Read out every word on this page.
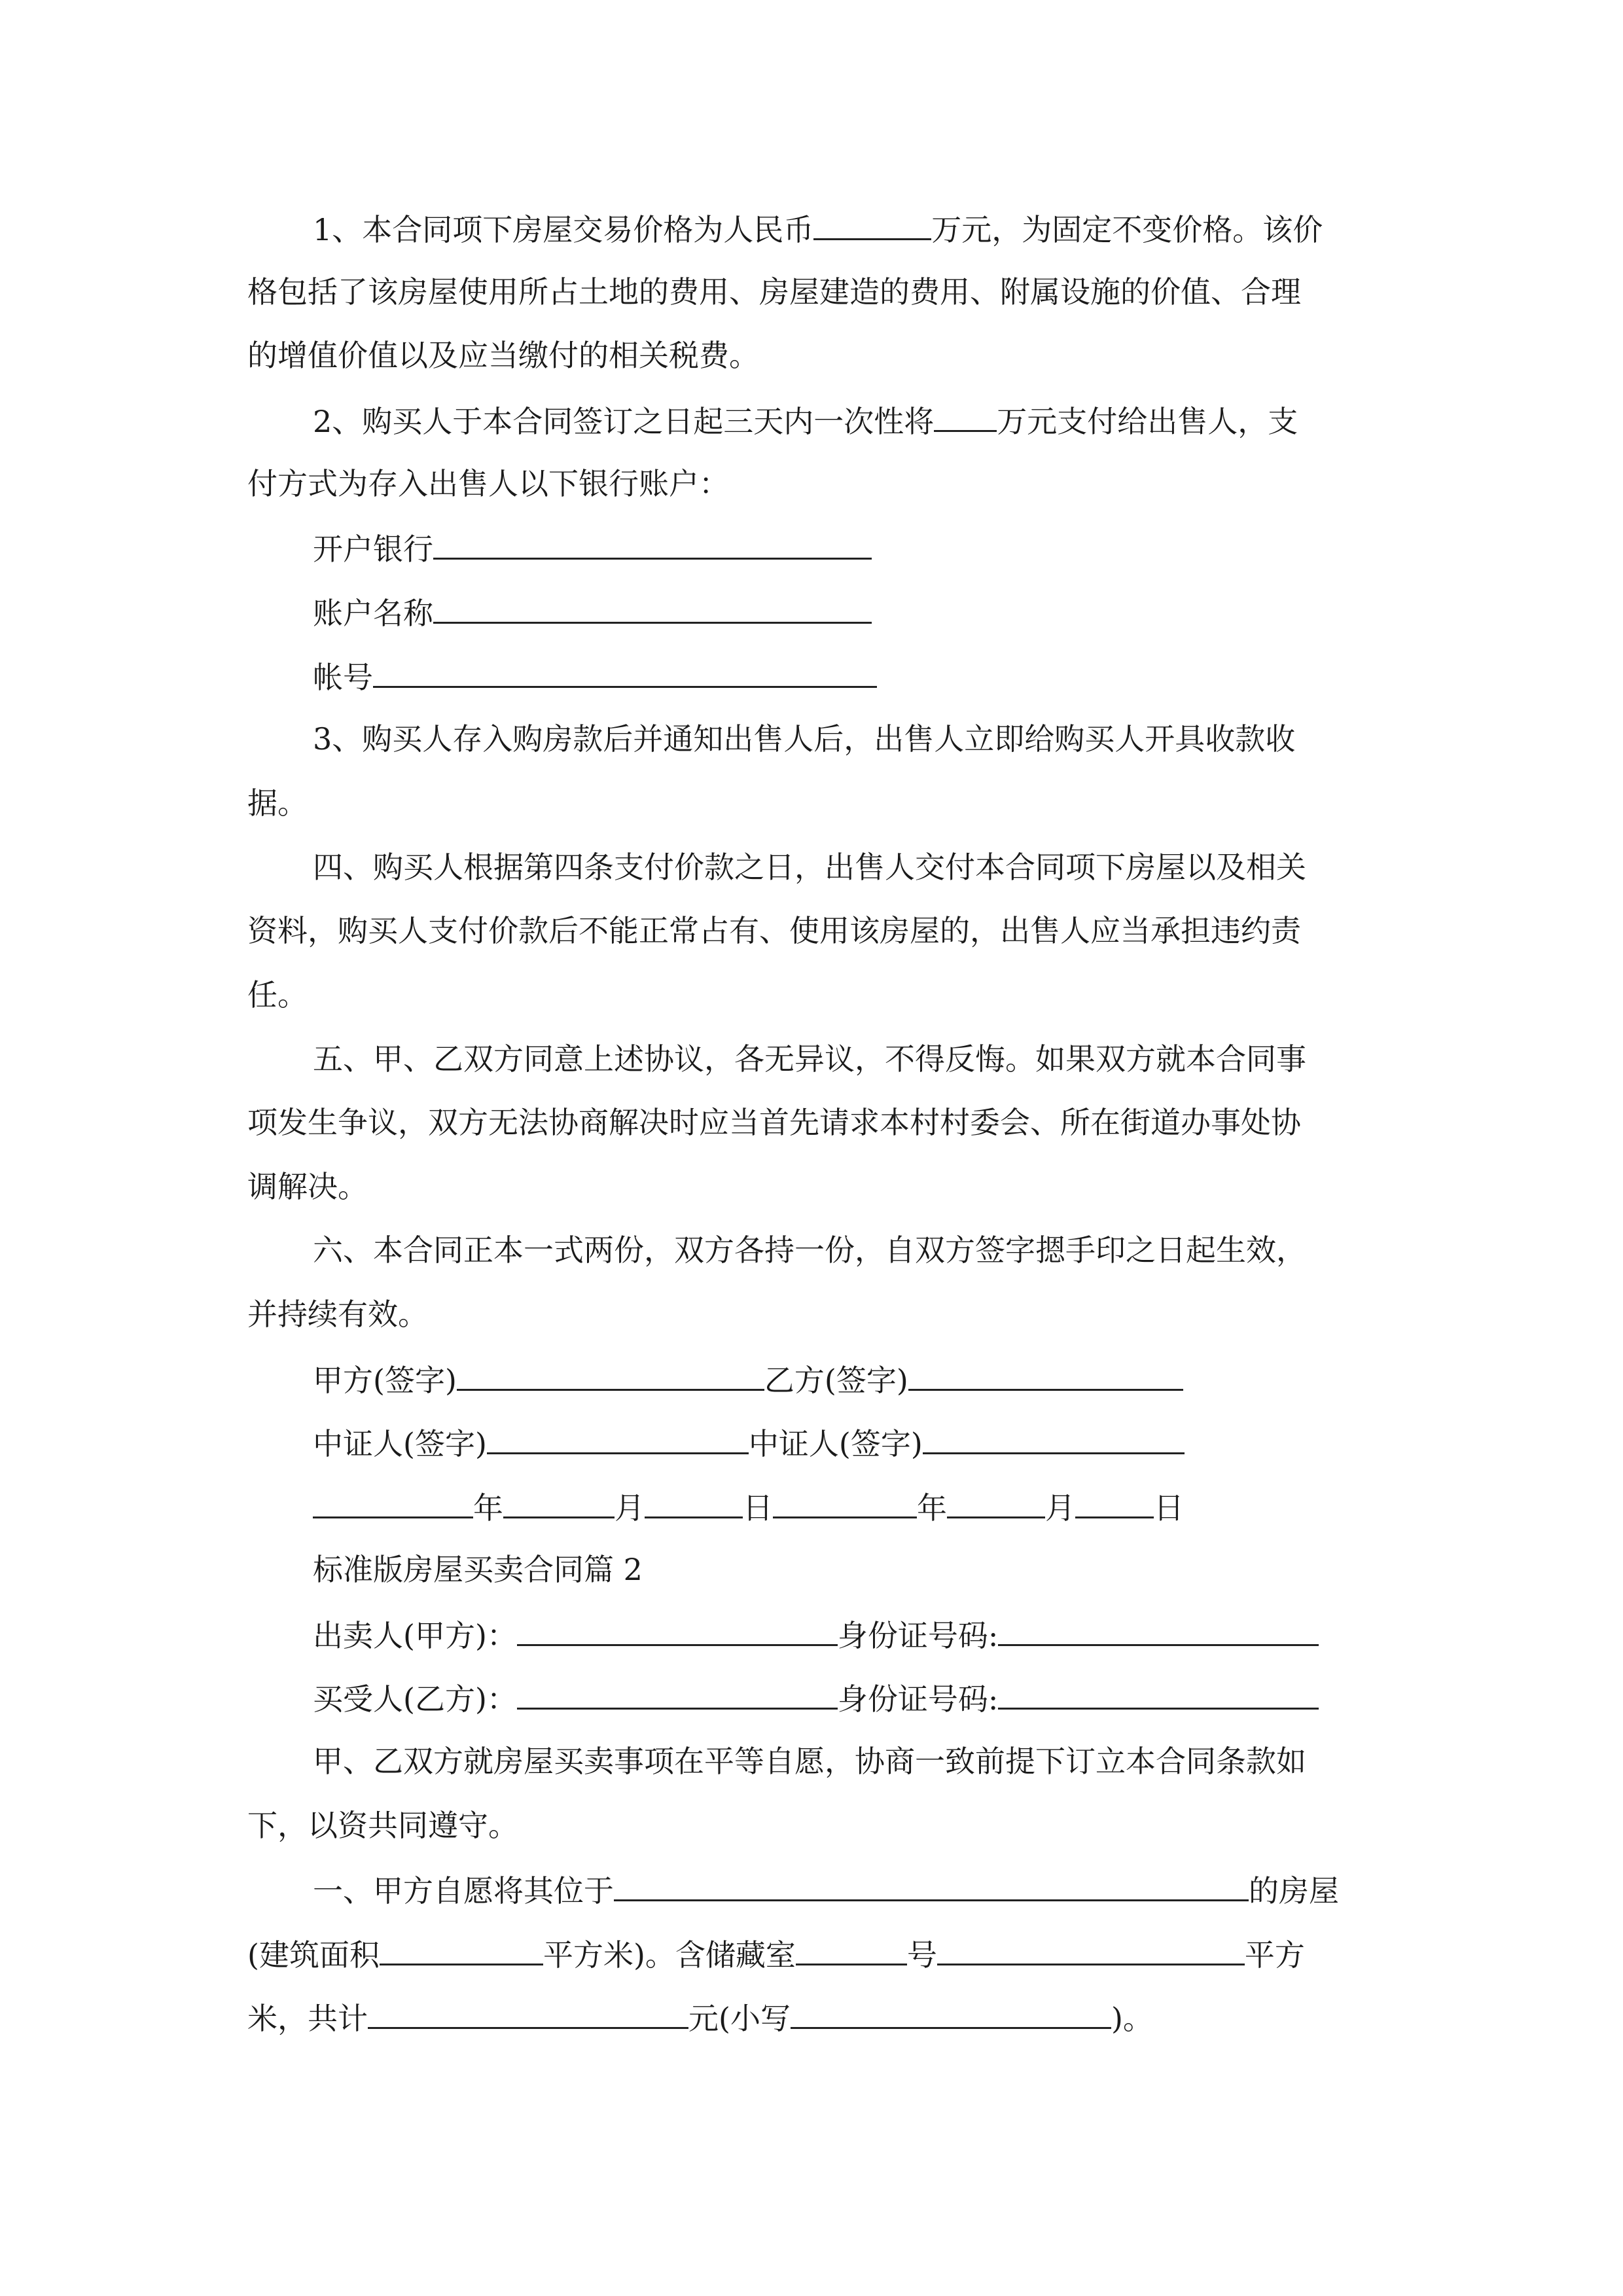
1、本合同项下房屋交易价格为人民币	万元，为固定不变价格。该价
格包括了该房屋使用所占土地的费用、房屋建造的费用、附属设施的价值、合理
的增值价值以及应当缴付的相关税费。
2、购买人于本合同签订之日起三天内一次性将 万元支付给出售人，支
付方式为存入出售人以下银行账户：
开户银行
账户名称
帐号
3、购买人存入购房款后并通知出售人后，出售人立即给购买人开具收款收
据。
四、购买人根据第四条支付价款之日，出售人交付本合同项下房屋以及相关
资料，购买人支付价款后不能正常占有、使用该房屋的，出售人应当承担违约责
任。
五、甲、乙双方同意上述协议，各无异议，不得反悔。如果双方就本合同事
项发生争议，双方无法协商解决时应当首先请求本村村委会、所在街道办事处协
调解决。
六、本合同正本一式两份，双方各持一份，自双方签字摁手印之日起生效，
并持续有效。
甲方(签字)	乙方(签字)
中证人(签字)	中证人(签字)
年	月	日	年	月	日
标准版房屋买卖合同篇 2
出卖人(甲方)：	身份证号码:
买受人(乙方)：	身份证号码:
甲、乙双方就房屋买卖事项在平等自愿，协商一致前提下订立本合同条款如
下，以资共同遵守。
一、甲方自愿将其位于	的房屋
(建筑面积	平方米)。含储藏室	号	平方
米，共计	元(小写	)。
